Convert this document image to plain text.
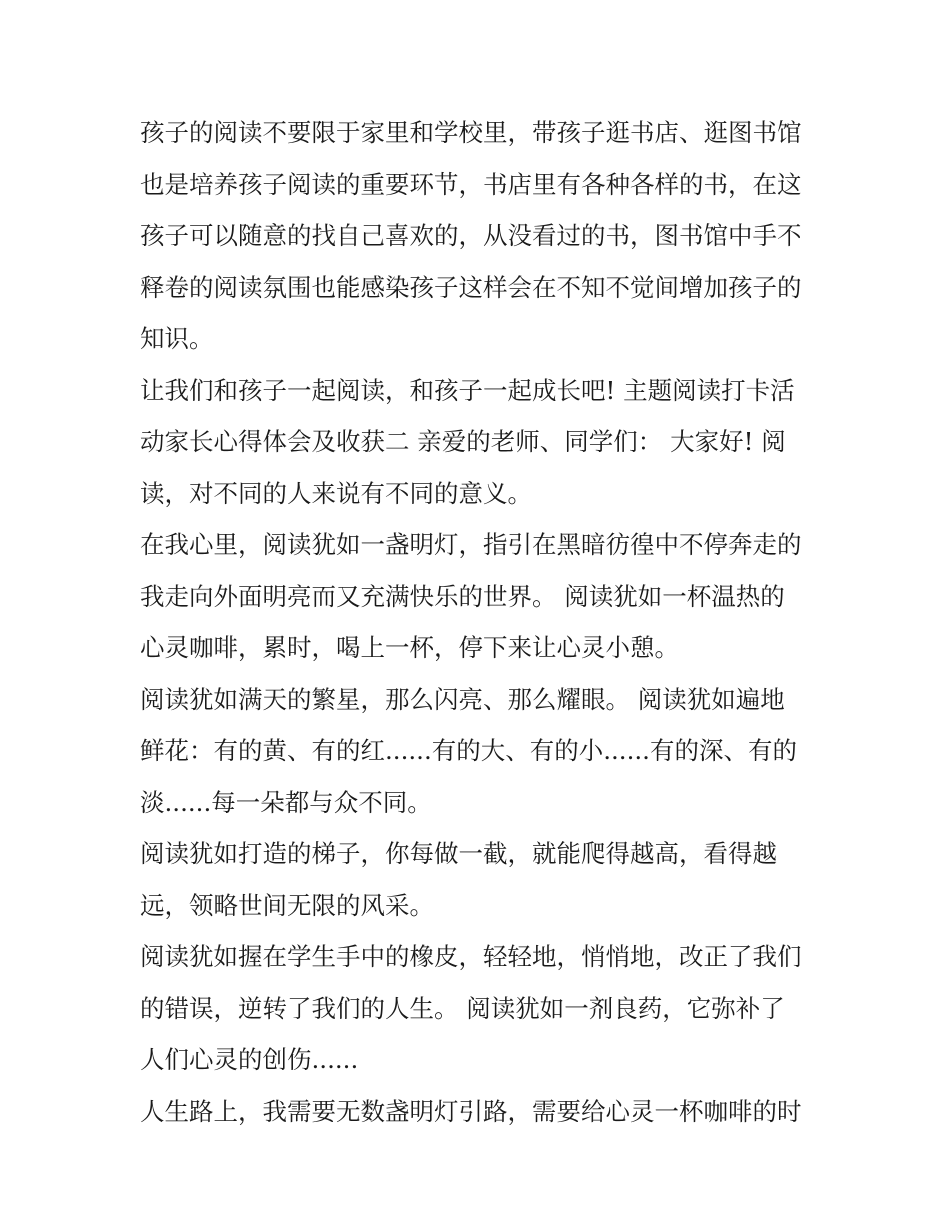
孩子的阅读不要限于家里和学校里，带孩子逛书店、逛图书馆
也是培养孩子阅读的重要环节，书店里有各种各样的书，在这
孩子可以随意的找自己喜欢的，从没看过的书，图书馆中手不
释卷的阅读氛围也能感染孩子这样会在不知不觉间增加孩子的
知识。
让我们和孩子一起阅读，和孩子一起成长吧! 主题阅读打卡活
动家长心得体会及收获二 亲爱的老师、同学们： 大家好! 阅
读，对不同的人来说有不同的意义。
在我心里，阅读犹如一盏明灯，指引在黑暗彷徨中不停奔走的
我走向外面明亮而又充满快乐的世界。 阅读犹如一杯温热的
心灵咖啡，累时，喝上一杯，停下来让心灵小憩。
阅读犹如满天的繁星，那么闪亮、那么耀眼。 阅读犹如遍地
鲜花：有的黄、有的红......有的大、有的小......有的深、有的
淡......每一朵都与众不同。
阅读犹如打造的梯子，你每做一截，就能爬得越高，看得越
远，领略世间无限的风采。
阅读犹如握在学生手中的橡皮，轻轻地，悄悄地，改正了我们
的错误，逆转了我们的人生。 阅读犹如一剂良药，它弥补了
人们心灵的创伤......
人生路上，我需要无数盏明灯引路，需要给心灵一杯咖啡的时
